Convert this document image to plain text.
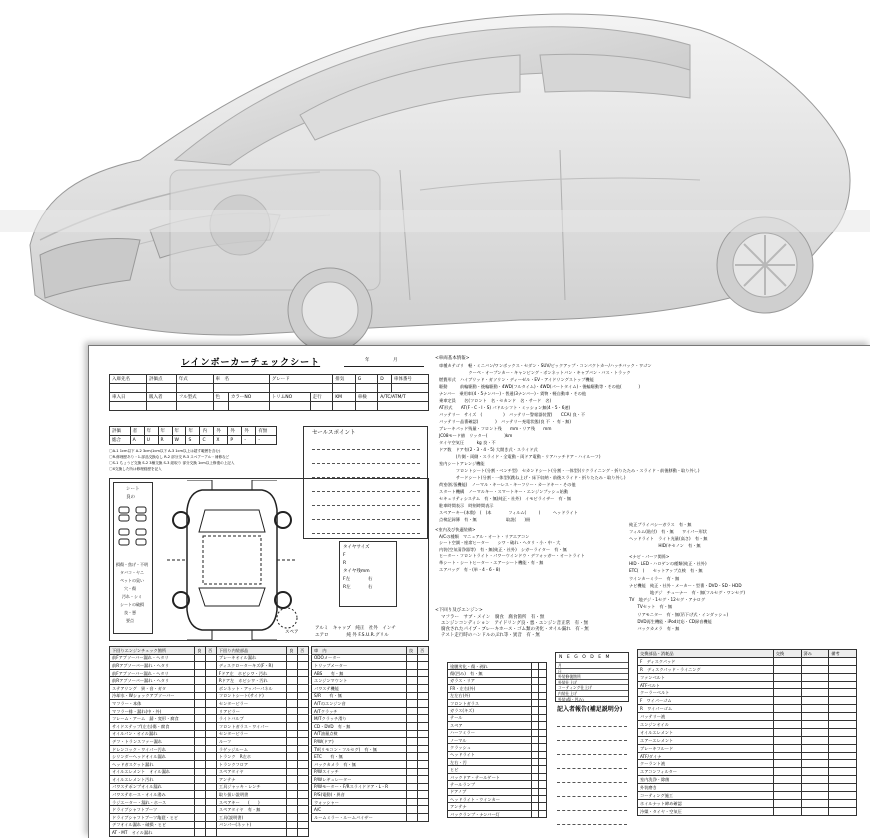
レインボーカーチェックシート	年	月
入庫先名	評価点	年式	車　名		グレード		排気	G	D	車体番号

車入日	販入者	フル型式	色	カラーNO	トリムNO	走行	KM	車検	A/TC/ATM/T	

評価	者	年	年	年	年	内	外	外	外	有無
総合	A	U	R	W	S	C	X	P	-	-
〇A-1 1cm以下 A-2 3cm(1cm以下 A-3 1cm以上は超す範囲を含む)
〇R-修理歴あり・1-部品交換なし R-2 部分交 R-3 スペアーアル・補修など
〇S-1 ちょうど交換 S-2 3種交換 S-3 総取り 部分交換 1cm以上修復の上記入
〇X交換した所は修理経歴を記入
セールスポイント
シート
良の
損傷・焦げ・不明
タバコ・ヤニ
ペットの臭い
穴・傷
汚れ・シミ
シートの破損
良・悪
要点
タイヤサイズ
F
R
タイヤ残mm
F左
R左
右
右
スペア
アルミ　キャップ　純正　社外　インチ
エアロ　　　　純 外 F.S.U.R.グリル
<車両基本情報>
車種カテゴリ　軽・ミニバン/ワンボックス・セダン・SUV/ピックアップ・コンパクトカー/ハッチバック・ワゴン
　　　　　　　クーペ・オープンカー・キャンピング・ボンネットバン・キャブバン・バス・トラック
燃費形式　ハイブリッド・ガソリン・ディーゼル・EV・アイドリングストップ機能
駆動　　　前輪駆動・後輪駆動・4WD(フルタイム)・4WD(パートタイム)・後輪駆動等・その他(　　　　)
ナンバー　乗用車(4・5ナンバー)・普通(3ナンバー)・貨物・軽自動車・その他
乗車定員　　名(フロント　名・セカンド　名・サード　名)
AT形式　　AT(F・C・I・S) パドルシフト・ミッション無(4・5・6速)
バッテリー　サイズ　(　　　　　)　バッテリー警報器装置(　　CCA) 良・不
バッテリー品番確認(　　　　)　バッテリー充電状態(良 不 ・ 有・無)
ブレーキパッド残量・フロント残　　mm・リア残　　mm
JC08モード値　リッター(　　　　)km
タイヤ空気圧　　　kg 良・不
ドア数　ドア有(2・3・4・5) 大開き式・スライド式
　　　　(片側・両側・スライド・全電動・両ドア電動・リアハッチドア・ハイルーフ)
室内シートアレンジ機能
　　　　フロントシート(分割・ベンチ型)　セカンドシート(分割・一体型)(リクライニング・折りたたみ・スライド・前後移動・取り外し)
　　　　サードシート(分割・一体型)(跳ね上げ・床下収納・前後スライド・折りたたみ・取り外し)
荷室(拡張機能)　ノーマル・キーレス・キーフリー・カードキー・その他
スタート機構　ノーマルキー・スマートキー・エンジンプッシュ始動
セキュリティシステム　有・無(純正・社外)　イモビライザー　有・無
駐車時間表示　時刻時間表示
スペアーキー(本数)　(　)本　　　　フィルム(　　　)　　　ヘッドライト
点検記録簿　有・無　　　　　　　取説(　　)冊
<室内及び快適装備>
A/Cの種類　マニュアル・オート・リアエアコン
シート空調・座席ヒーター　　シワ・破れ・ヘタリ・小・中・大
内装(空気清浄器等)　有・無(純正・社外)　シガーライター　有・無
ヒーター・フロントライト・パワーウインドウ・デフォッガー・オートライト
革シート・シートヒーター・エアーシート機能・有・無
エアバッグ　有・(単・4・6・8)
純正プライバシーガラス　有・無
フィルム(貼付)　有・無　　ワイパー形状
ヘッドライト　ライト光量(高さ)　有・無
　　　　　　　HID/キセノン　有・無
<ナビ・パーツ関係>
HID・LED・ハロゲンの種類(純正・社外)
ETC(　)　　セットアップ点検　有・無
ウインカーミラー　有・無
ナビ機能　純正・社外・メーカー・型番・DVD・SD・HDD
　　　　　地デジ　チューナー　有・無(フルセグ・ワンセグ)
TV　地デジ・1セグ・12セグ・アナログ
　　TVセット　有・無
　　リアモニター　有・無(吊下げ式・インダッシュ)
　　DVD再生機能・iPod対応・CD録音機能
　　バックカメラ　有・無
<下回り及びエンジン>
マフラー　サブ・メイン　腐食　腐食箇所　有・無
エンジンコンディション　アイドリング良・悪・エンジン音正常　有・無
腐食されたパイプ・ブレーキホース・ゴム類の劣化・オイル漏れ　有・無
テスト走行時のハンドルのぶれ等・異音　有・無
下回りエンジンチェック箇所	良	否	下回り内装部品	良	否
前Fアブソーバー漏れ・ヘタリ			ブレーキオイル漏れ		
前Rアブソーバー漏れ・ヘタリ			ディスクローターキズ(F・R)		
前Fアブソーバー漏れ・ヘタリ			Fドア左　ホビシワ・汚れ		
前Rアブソーバー漏れ・ヘタリ			Rドア左　ホビシワ・汚れ		
ステアリング　異・音・ガタ			ボンネット・アッパーパネル		
冷却水・Wショックアブソーバー			フロントシート(サイド)		
マフラー・本体			センターピラー		
マフラー排・漏れ(中・外)			リアピラー		
フレーム・アーム　錆・変形・腐食			ライトバルブ		
サイドステップ(左右)傷・腐食			フロントガラス・ワイパー		
オイルパン・オイル漏れ			センターピラー		
デフ・トランスファー漏れ			ルーフ		
ドレンコック・ワイパー汚れ			ラゲッジルーム		
シリンダーヘッドオイル漏れ			トランク　R左ホ		
ヘッドガスケット漏れ			トランクフロア		
オイルエレメント　オイル漏れ			スペアタイヤ		
オイルエレメント汚れ			アンテナ		
パワステポンプオイル漏れ			工具ジャッキ・レンチ		
パワステホース・オイル滲み			取り扱い説明書		
ラジエーター・漏れ・ホース			スペアキー　　(　　)		
ドライブシャフトブーツ			スペアタイヤ　有・無		
ドライブシャフトブーツ亀裂・ヒビ			工具(説明書)		
デフオイル漏れ・破損・ヒビ			バンパー(ネット)		
AT・MT　オイル漏れ			　		
車　内	良	否
ODOメーター		
トリップメーター		
ABS　　有・無		
エンジンマウント		
パワステ機能		
S/R　　有・無		
A/Tのエンジン音		
A/Tクラッチ		
M/Tクラッチ滑り		
CD・DVD　有・無		
A/T油量点検		
P/W(ドア)		
TV(リモコン・フルセグ)　有・無		
ETC　　有・無		
バックカメラ　有・無		
P/Wスイッチ		
P/Wレギュレーター		
P/Wモーター・F/Rスライドドア・L・R		
P/S(電動)・異音		
ウォッシャー		
A/C		
ルームミラー・ルームバイザー		
塗膜劣化・傷・剥れ		
傷(凹み)　有・無		
ガラス・リア		
FR・左右(外)		
左左右(外)		
フロントガラス		
ガラス(キズ)		
テール		
スペア		
ハーフミラー		
ノーマル		
クラッシュ		
ヘッドライト		
左右・汚		
ヒビ		
バックドア・テールゲート		
テールランプ		
ドアノブ		
ヘッドライト・ウインカー		
アンテナ		
バックランプ・ナンバー灯		
N　E　G　O　D　E　M
月
日
外装修復箇所
外装仕上げ
コーティング仕上げ
内装仕上げ
外装(傷・凹み)
記入者報告(補足説明分)
交換部品・消耗品	交換	済み	備考
F　ディスクパッド			
R　ディスクパッド・ライニング			
ファンベルト			
ATFベルト			
クーラーベルト			
F　ワイパーゴム			
R　ワイパーゴム			
バッテリー液			
エンジンオイル			
オイルエレメント			
エアーエレメント			
ブレーキフルード			
ATF/ダイナ			
クーラント液			
エアコンフィルター			
室内洗浄・除菌			
外装磨き			
コーティング施工			
ホイルナット締め確認			
冷媒・タイヤ・空気圧			
